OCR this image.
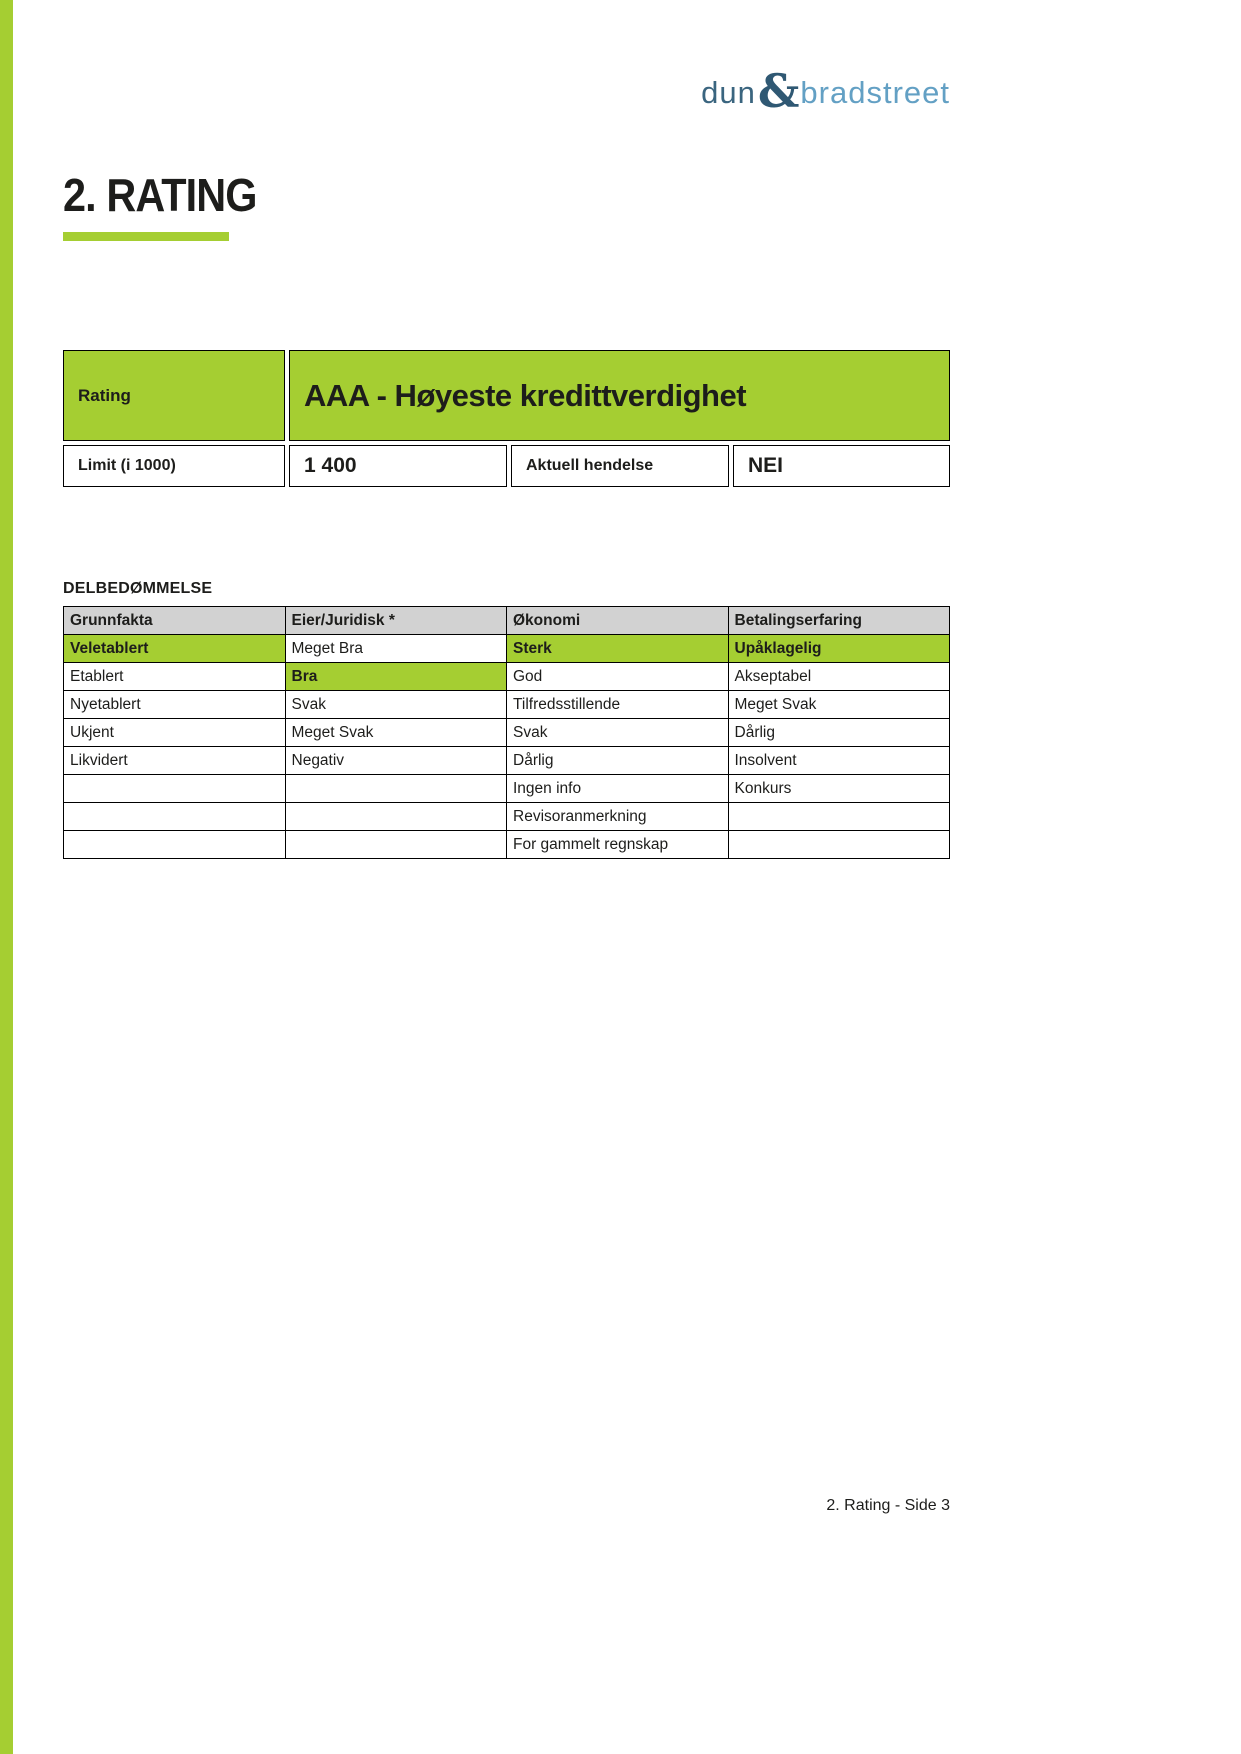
dun & bradstreet
2. RATING
Rating	AAA - Høyeste kredittverdighet
Limit (i 1000)	1 400	Aktuell hendelse	NEI
DELBEDØMMELSE
Grunnfakta	Eier/Juridisk *	Økonomi	Betalingserfaring
Veletablert	Meget Bra	Sterk	Upåklagelig
Etablert	Bra	God	Akseptabel
Nyetablert	Svak	Tilfredsstillende	Meget Svak
Ukjent	Meget Svak	Svak	Dårlig
Likvidert	Negativ	Dårlig	Insolvent
		Ingen info	Konkurs
		Revisoranmerkning	
		For gammelt regnskap	
2. Rating - Side 3
